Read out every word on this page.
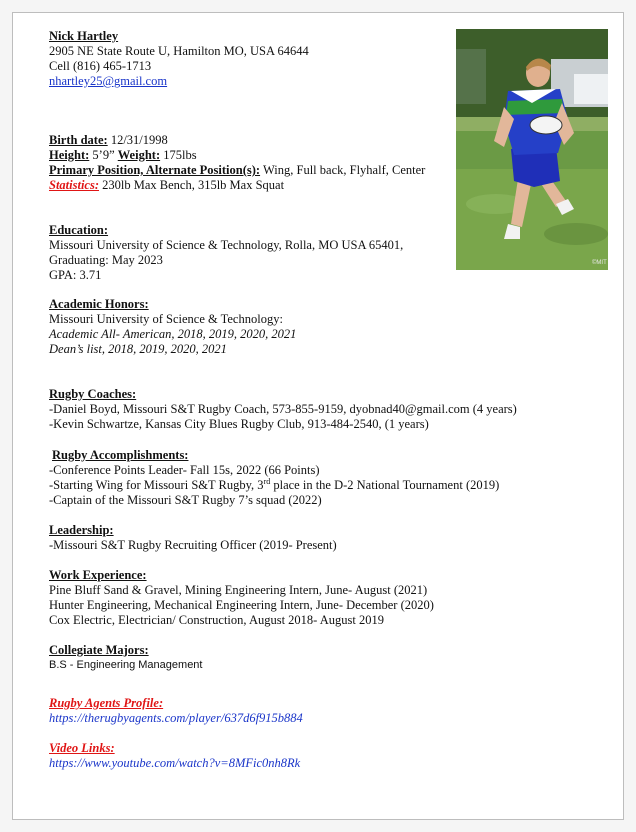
Nick Hartley
2905 NE State Route U, Hamilton MO, USA 64644
Cell (816) 465-1713
nhartley25@gmail.com
©MIT
Birth date: 12/31/1998
Height: 5’9” Weight: 175lbs
Primary Position, Alternate Position(s): Wing, Full back, Flyhalf, Center
Statistics: 230lb Max Bench, 315lb Max Squat
Education:
Missouri University of Science & Technology, Rolla, MO USA 65401,
Graduating: May 2023
GPA: 3.71
Academic Honors:
Missouri University of Science & Technology:
Academic All- American, 2018, 2019, 2020, 2021
Dean’s list, 2018, 2019, 2020, 2021
Rugby Coaches:
-Daniel Boyd, Missouri S&T Rugby Coach, 573-855-9159, dyobnad40@gmail.com (4 years)
-Kevin Schwartze, Kansas City Blues Rugby Club, 913-484-2540, (1 years)
Rugby Accomplishments:
-Conference Points Leader- Fall 15s, 2022 (66 Points)
-Starting Wing for Missouri S&T Rugby, 3rd place in the D-2 National Tournament (2019)
-Captain of the Missouri S&T Rugby 7’s squad (2022)
Leadership:
-Missouri S&T Rugby Recruiting Officer (2019- Present)
Work Experience:
Pine Bluff Sand & Gravel, Mining Engineering Intern, June- August (2021)
Hunter Engineering, Mechanical Engineering Intern, June- December (2020)
Cox Electric, Electrician/ Construction, August 2018- August 2019
Collegiate Majors:
B.S - Engineering Management
Rugby Agents Profile:
https://therugbyagents.com/player/637d6f915b884
Video Links:
https://www.youtube.com/watch?v=8MFic0nh8Rk
